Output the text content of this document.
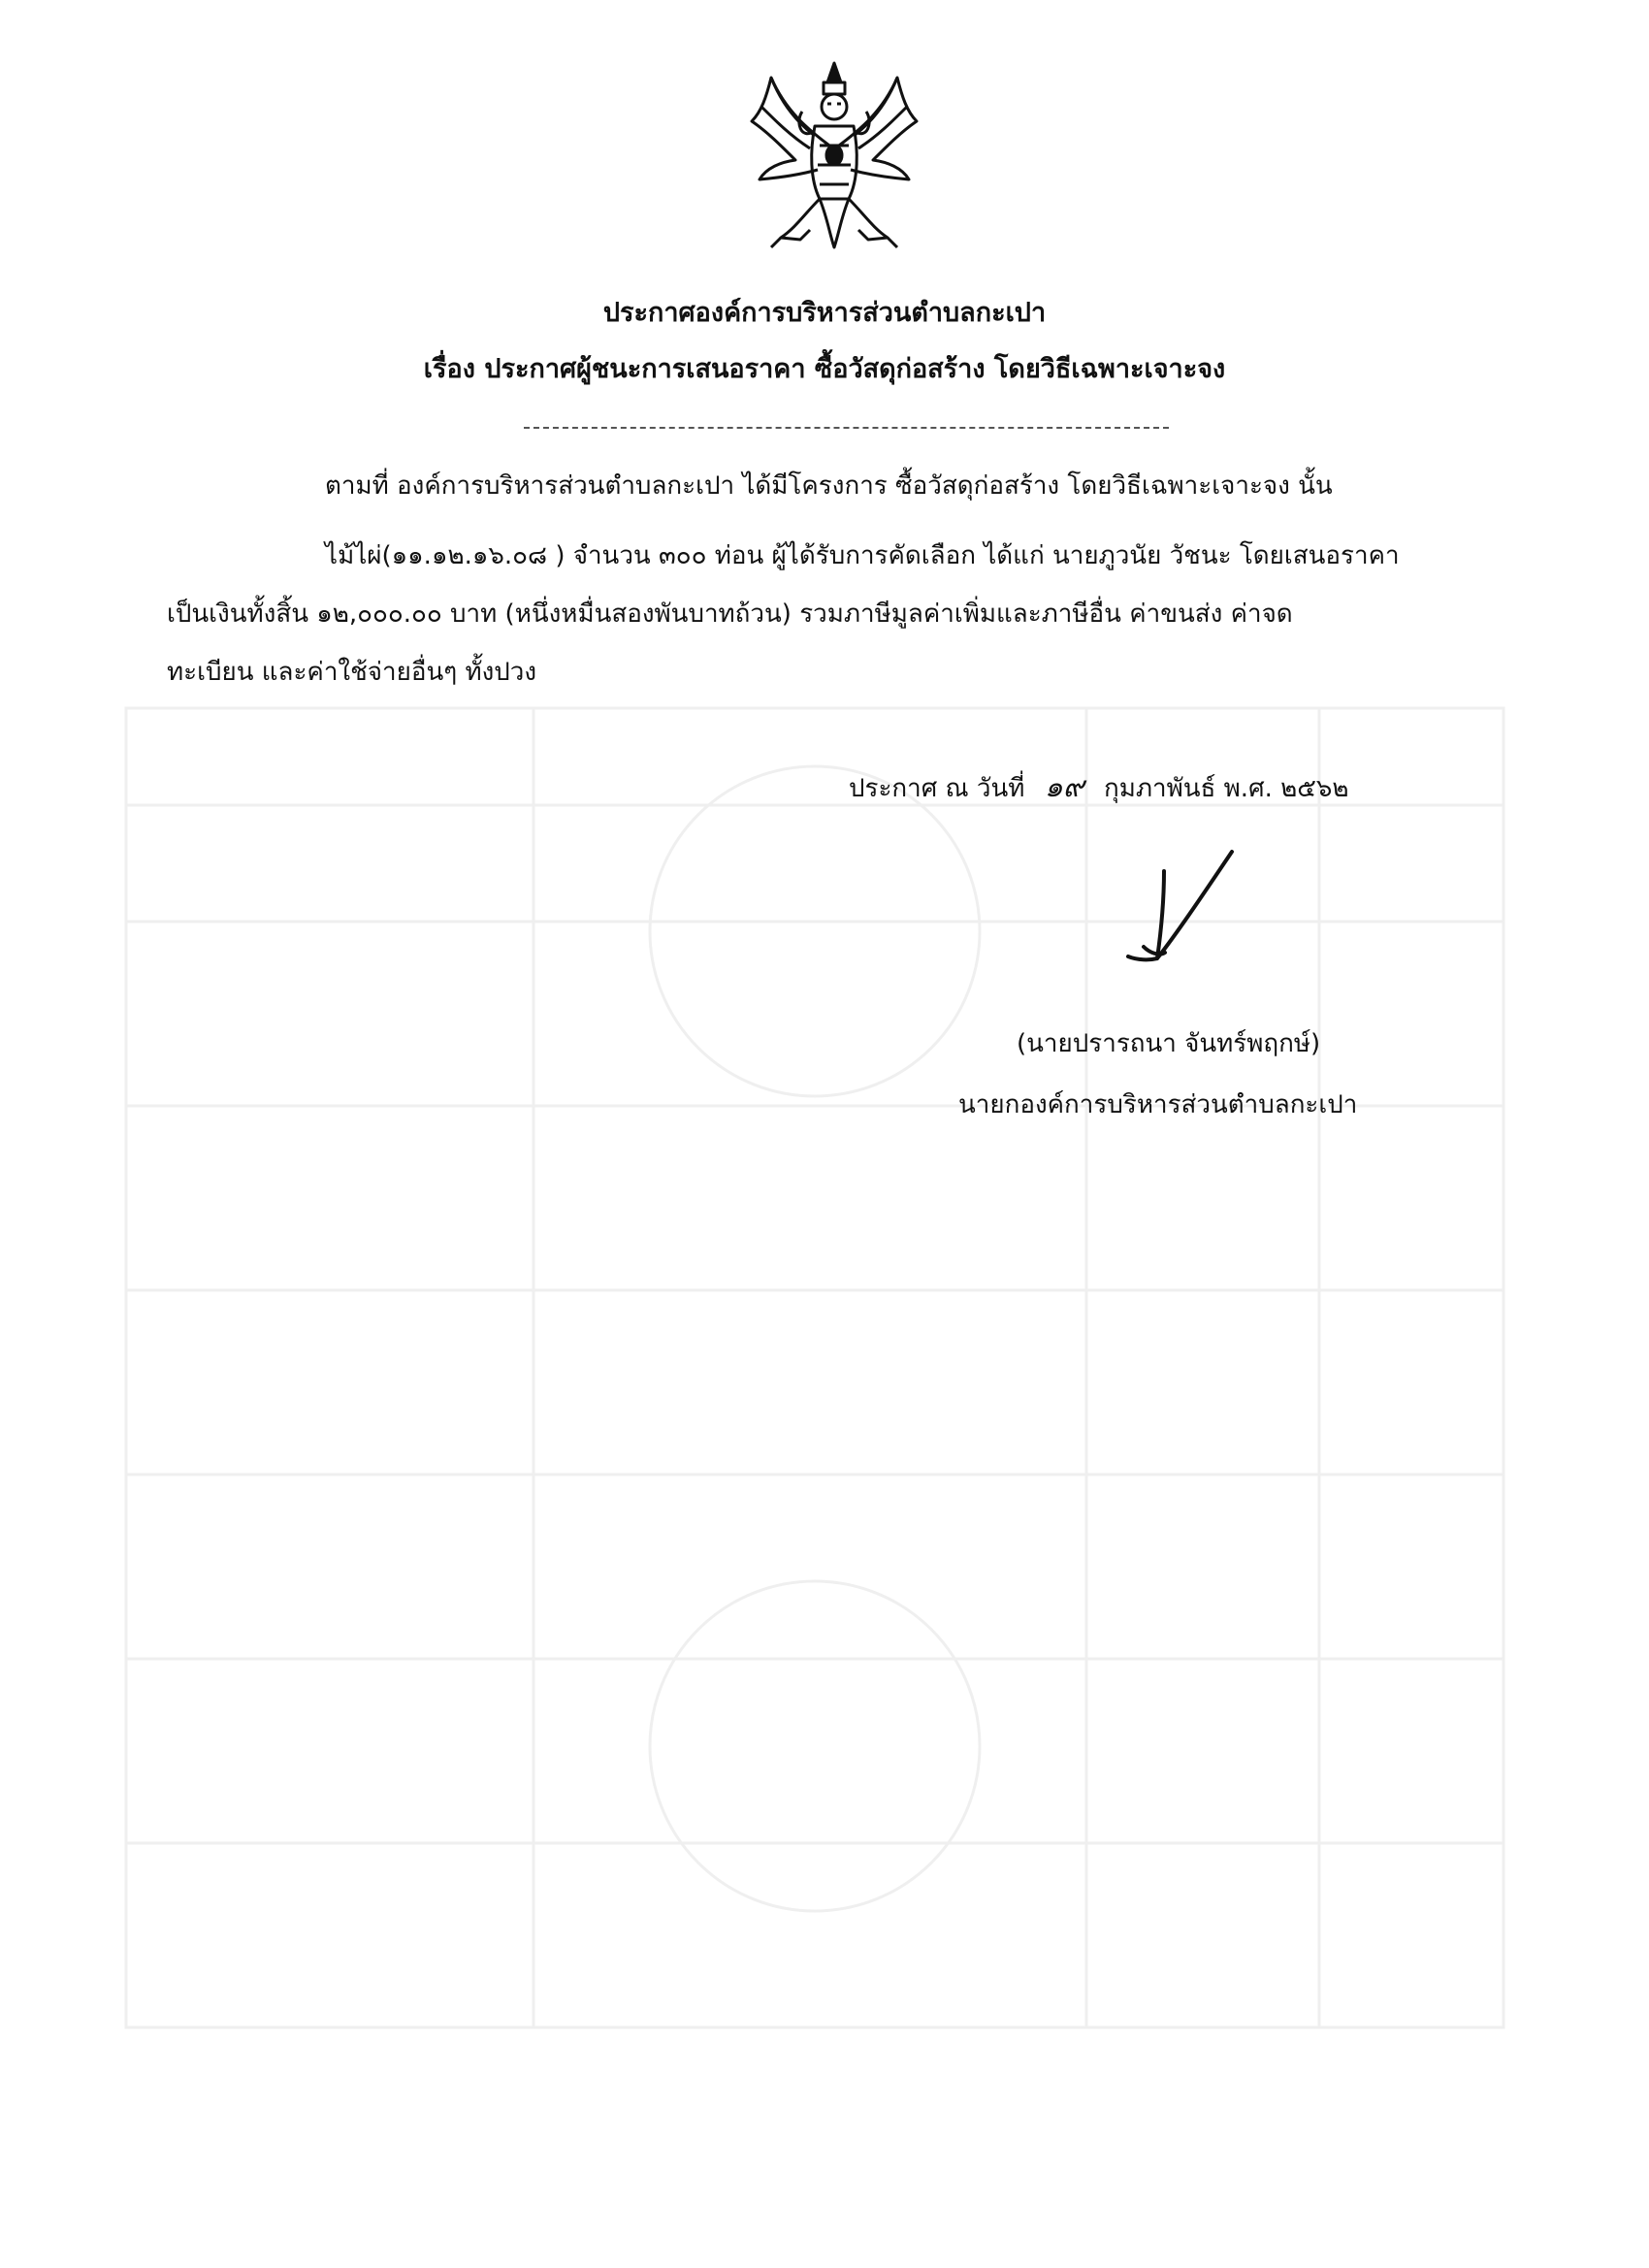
ประกาศองค์การบริหารส่วนตำบลกะเปา
เรื่อง ประกาศผู้ชนะการเสนอราคา ซื้อวัสดุก่อสร้าง โดยวิธีเฉพาะเจาะจง
ตามที่ องค์การบริหารส่วนตำบลกะเปา ได้มีโครงการ ซื้อวัสดุก่อสร้าง โดยวิธีเฉพาะเจาะจง นั้น
ไม้ไผ่(๑๑.๑๒.๑๖.๐๘ ) จำนวน ๓๐๐ ท่อน ผู้ได้รับการคัดเลือก ได้แก่ นายภูวนัย วัชนะ โดยเสนอราคา
เป็นเงินทั้งสิ้น ๑๒,๐๐๐.๐๐ บาท (หนึ่งหมื่นสองพันบาทถ้วน) รวมภาษีมูลค่าเพิ่มและภาษีอื่น ค่าขนส่ง ค่าจด
ทะเบียน และค่าใช้จ่ายอื่นๆ ทั้งปวง
ประกาศ ณ วันที่ ๑๙ กุมภาพันธ์ พ.ศ. ๒๕๖๒
(นายปรารถนา จันทร์พฤกษ์)
นายกองค์การบริหารส่วนตำบลกะเปา
